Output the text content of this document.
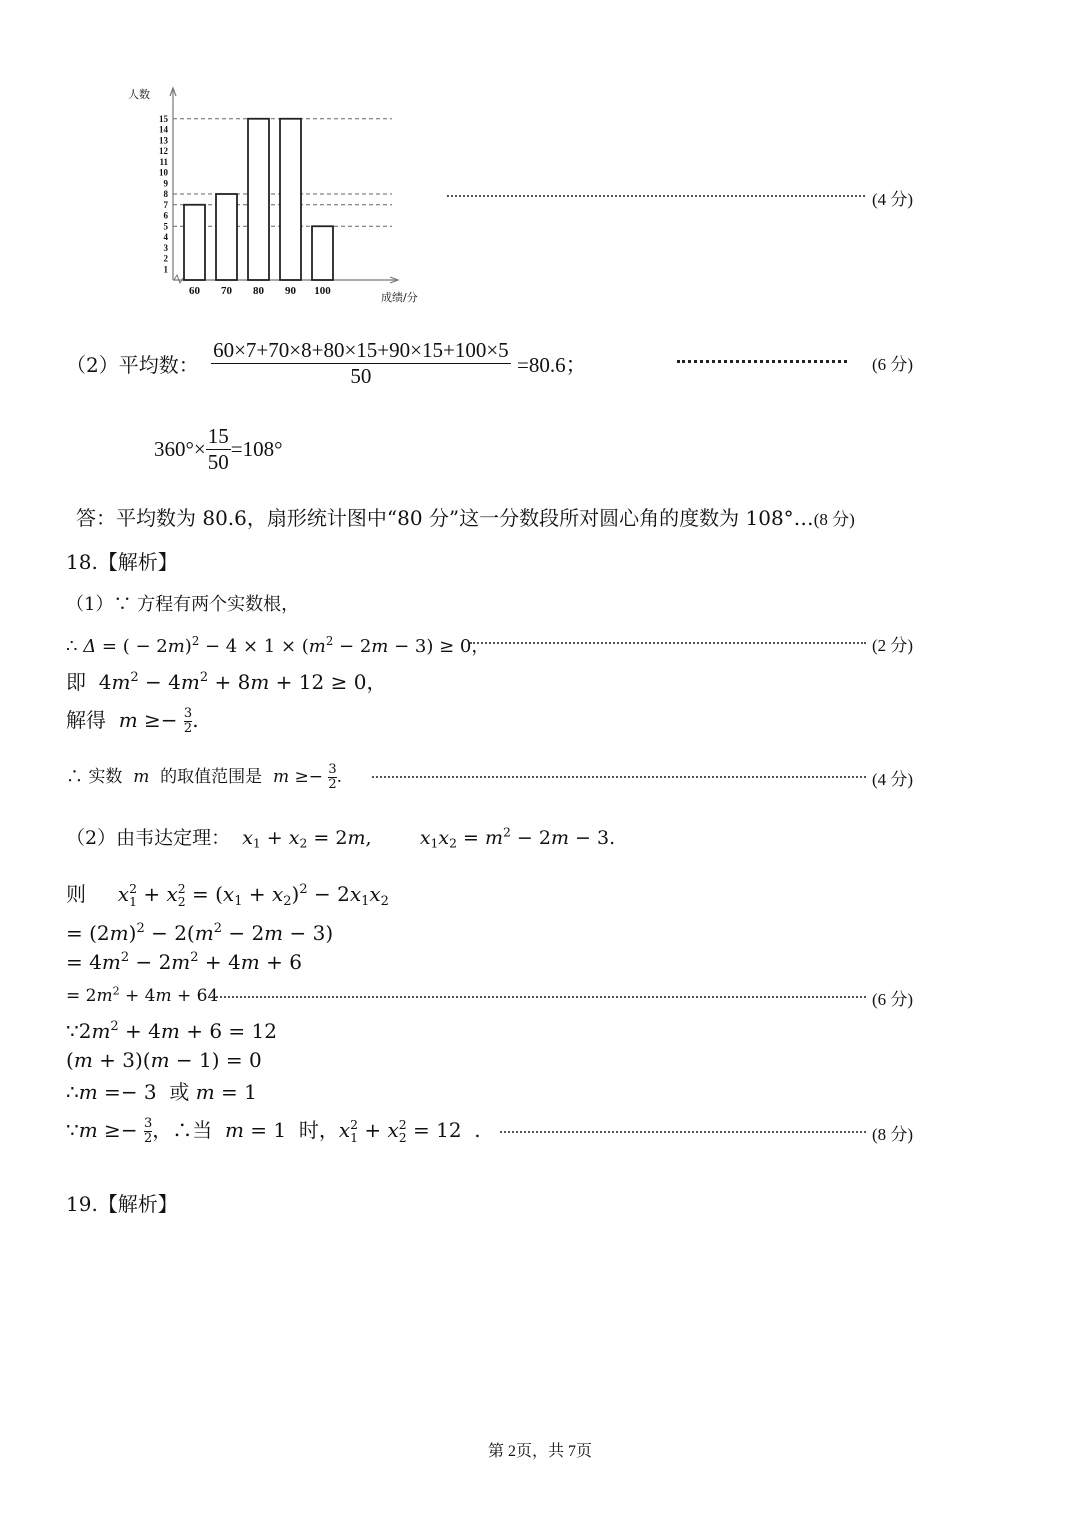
1
2
3
4
5
6
7
8
9
10
11
12
13
14
15
60 70 80 90 100
人数
成绩/分
(4 分)
（2）平均数： $\frac{60\times 7+70\times 8+80\times 15+90\times 15+100\times 5}{50} =80.6$；	(6 分)
$360^\circ\times \frac{15}{50} =108^\circ$
答：平均数为 80.6，扇形统计图中“80 分”这一分数段所对圆心角的度数为 108°…(8 分)
18.【解析】
（1）∵ 方程有两个实数根，
∴ Δ = ( − $2m)^2 - 4 \times 1 \times (m^2 - 2m - 3) \ge 0$，	(2 分)
即  $4m^2 - 4m^2 + 8m + 12 \ge 0$，
解得 $m \ge- \frac{3}{2}$ .
∴ 实数 m 的取值范围是 $m \ge- \frac{3}{2}$ .	(4 分)
（2）由韦达定理： $x_1 + x_2 = 2m$,        $x_1x_2 = m^2 - 2m - 3$.
则 x 2
1 + x 2
$2 = (x_1 + x_2)^2 - 2x_1x_2$
= $(2m)^2 - 2(m^2 - 2m - 3)$
= $4m^2 - 2m^2 + 4m + 6$
= $2m^2 + 4m + 64$	(6 分)
$\because 2m^2 + 4m + 6 = 12$
(m + 3)(m − 1) = 0
∴m =− 3  或 m = 1
∵m ≥− $\frac{3}{2}$ ，∴当 m = 1  时，x 2
1 + x 2
2 = 12  .	(8 分)
19.【解析】
第 2页，共 7页
